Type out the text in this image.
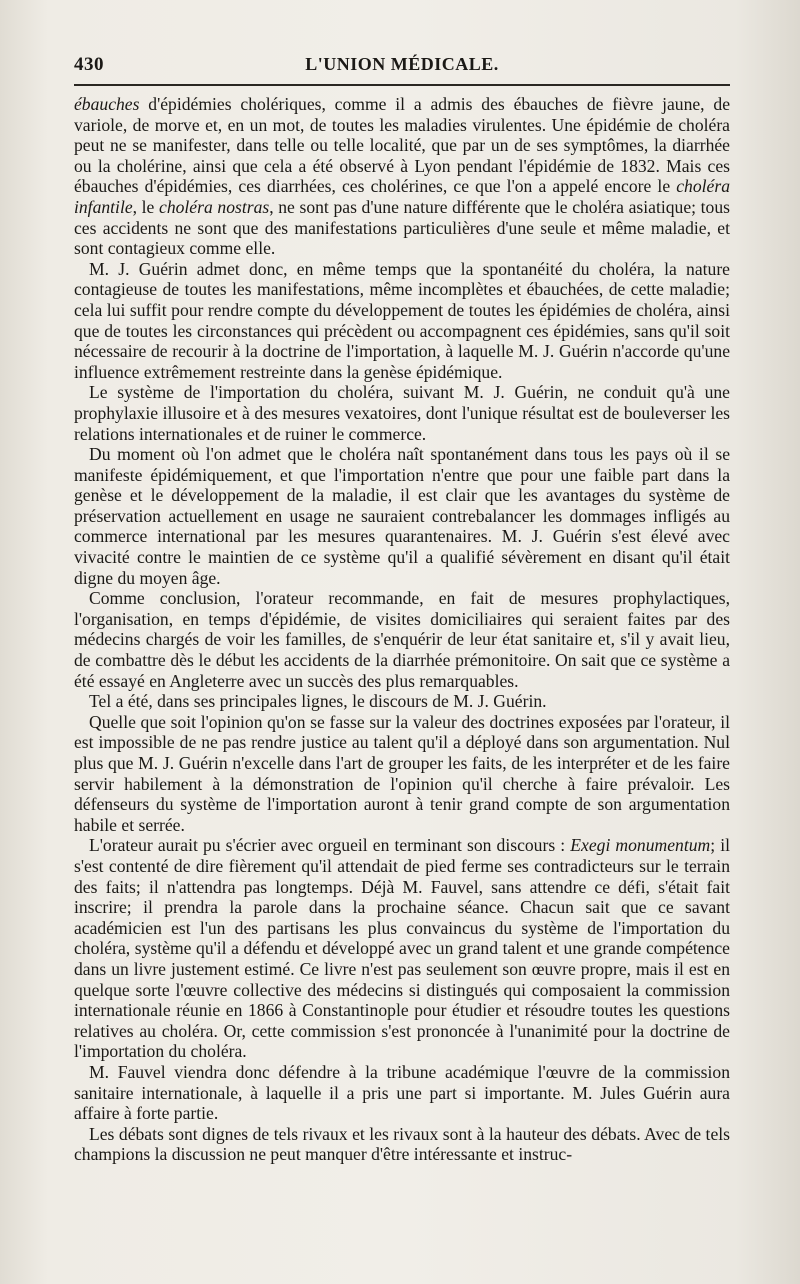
430	L'UNION MÉDICALE.

ébauches d'épidémies cholériques, comme il a admis des ébauches de fièvre jaune, de variole, de morve et, en un mot, de toutes les maladies virulentes. Une épidémie de choléra peut ne se manifester, dans telle ou telle localité, que par un de ses symptômes, la diarrhée ou la cholérine, ainsi que cela a été observé à Lyon pendant l'épidémie de 1832. Mais ces ébauches d'épidémies, ces diarrhées, ces cholérines, ce que l'on a appelé encore le choléra infantile, le choléra nostras, ne sont pas d'une nature différente que le choléra asiatique; tous ces accidents ne sont que des manifestations particulières d'une seule et même maladie, et sont contagieux comme elle.

M. J. Guérin admet donc, en même temps que la spontanéité du choléra, la nature contagieuse de toutes les manifestations, même incomplètes et ébauchées, de cette maladie; cela lui suffit pour rendre compte du développement de toutes les épidémies de choléra, ainsi que de toutes les circonstances qui précèdent ou accompagnent ces épidémies, sans qu'il soit nécessaire de recourir à la doctrine de l'importation, à laquelle M. J. Guérin n'accorde qu'une influence extrêmement restreinte dans la genèse épidémique.

Le système de l'importation du choléra, suivant M. J. Guérin, ne conduit qu'à une prophylaxie illusoire et à des mesures vexatoires, dont l'unique résultat est de bouleverser les relations internationales et de ruiner le commerce.

Du moment où l'on admet que le choléra naît spontanément dans tous les pays où il se manifeste épidémiquement, et que l'importation n'entre que pour une faible part dans la genèse et le développement de la maladie, il est clair que les avantages du système de préservation actuellement en usage ne sauraient contrebalancer les dommages infligés au commerce international par les mesures quarantenaires. M. J. Guérin s'est élevé avec vivacité contre le maintien de ce système qu'il a qualifié sévèrement en disant qu'il était digne du moyen âge.

Comme conclusion, l'orateur recommande, en fait de mesures prophylactiques, l'organisation, en temps d'épidémie, de visites domiciliaires qui seraient faites par des médecins chargés de voir les familles, de s'enquérir de leur état sanitaire et, s'il y avait lieu, de combattre dès le début les accidents de la diarrhée prémonitoire. On sait que ce système a été essayé en Angleterre avec un succès des plus remarquables.

Tel a été, dans ses principales lignes, le discours de M. J. Guérin.

Quelle que soit l'opinion qu'on se fasse sur la valeur des doctrines exposées par l'orateur, il est impossible de ne pas rendre justice au talent qu'il a déployé dans son argumentation. Nul plus que M. J. Guérin n'excelle dans l'art de grouper les faits, de les interpréter et de les faire servir habilement à la démonstration de l'opinion qu'il cherche à faire prévaloir. Les défenseurs du système de l'importation auront à tenir grand compte de son argumentation habile et serrée.

L'orateur aurait pu s'écrier avec orgueil en terminant son discours : Exegi monumentum; il s'est contenté de dire fièrement qu'il attendait de pied ferme ses contradicteurs sur le terrain des faits; il n'attendra pas longtemps. Déjà M. Fauvel, sans attendre ce défi, s'était fait inscrire; il prendra la parole dans la prochaine séance. Chacun sait que ce savant académicien est l'un des partisans les plus convaincus du système de l'importation du choléra, système qu'il a défendu et développé avec un grand talent et une grande compétence dans un livre justement estimé. Ce livre n'est pas seulement son œuvre propre, mais il est en quelque sorte l'œuvre collective des médecins si distingués qui composaient la commission internationale réunie en 1866 à Constantinople pour étudier et résoudre toutes les questions relatives au choléra. Or, cette commission s'est prononcée à l'unanimité pour la doctrine de l'importation du choléra.

M. Fauvel viendra donc défendre à la tribune académique l'œuvre de la commission sanitaire internationale, à laquelle il a pris une part si importante. M. Jules Guérin aura affaire à forte partie.

Les débats sont dignes de tels rivaux et les rivaux sont à la hauteur des débats. Avec de tels champions la discussion ne peut manquer d'être intéressante et instruc-
